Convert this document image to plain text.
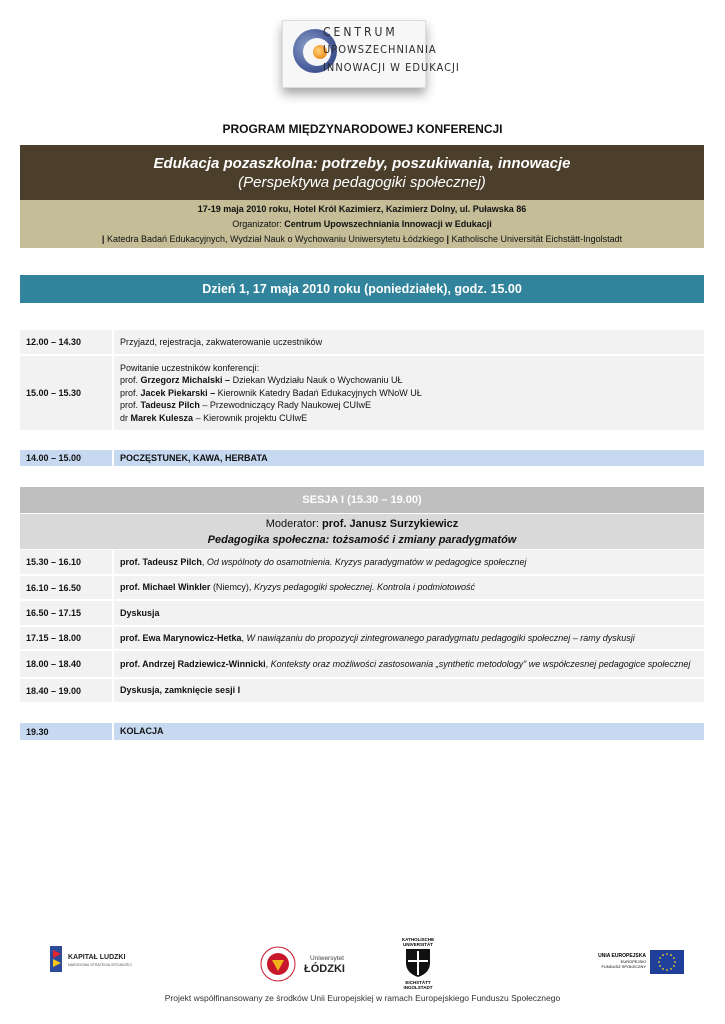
CENTRUM
UPOWSZECHNIANIA
INNOWACJI W EDUKACJI
PROGRAM MIĘDZYNARODOWEJ KONFERENCJI
Edukacja pozaszkolna: potrzeby, poszukiwania, innowacje
(Perspektywa pedagogiki społecznej)
17-19 maja 2010 roku, Hotel Król Kazimierz, Kazimierz Dolny, ul. Puławska 86
Organizator: Centrum Upowszechniania Innowacji w Edukacji
| Katedra Badań Edukacyjnych, Wydział Nauk o Wychowaniu Uniwersytetu Łódzkiego | Katholische Universität Eichstätt-Ingolstadt
Dzień 1, 17 maja 2010 roku (poniedziałek), godz. 15.00
12.00 – 14.30	Przyjazd, rejestracja, zakwaterowanie uczestników
15.00 – 15.30
Powitanie uczestników konferencji:
prof. Grzegorz Michalski – Dziekan Wydziału Nauk o Wychowaniu UŁ
prof. Jacek Piekarski – Kierownik Katedry Badań Edukacyjnych WNoW UŁ
prof. Tadeusz Pilch – Przewodniczący Rady Naukowej CUIwE
dr Marek Kulesza – Kierownik projektu CUIwE
14.00 – 15.00	POCZĘSTUNEK, KAWA, HERBATA
SESJA I (15.30 – 19.00)
Moderator: prof. Janusz Surzykiewicz
Pedagogika społeczna: tożsamość i zmiany paradygmatów
15.30 – 16.10	prof. Tadeusz Pilch, Od wspólnoty do osamotnienia. Kryzys paradygmatów w pedagogice społecznej
16.10 – 16.50	prof. Michael Winkler (Niemcy), Kryzys pedagogiki społecznej. Kontrola i podmiotowość
16.50 – 17.15	Dyskusja
17.15 – 18.00	prof. Ewa Marynowicz-Hetka, W nawiązaniu do propozycji zintegrowanego paradygmatu pedagogiki społecznej – ramy dyskusji
18.00 – 18.40	prof. Andrzej Radziewicz-Winnicki, Konteksty oraz możliwości zastosowania „synthetic metodology” we współczesnej pedagogice społecznej
18.40 – 19.00	Dyskusja, zamknięcie sesji I
19.30	KOLACJA
KAPITAŁ LUDZKI
NARODOWA STRATEGIA SPÓJNOŚCI
Uniwersytet
ŁÓDZKI
KATHOLISCHE
UNIVERSITÄT
EICHSTÄTT
INGOLSTADT
UNIA EUROPEJSKA
EUROPEJSKI
FUNDUSZ SPOŁECZNY
Projekt współfinansowany ze środków Unii Europejskiej w ramach Europejskiego Funduszu Społecznego
